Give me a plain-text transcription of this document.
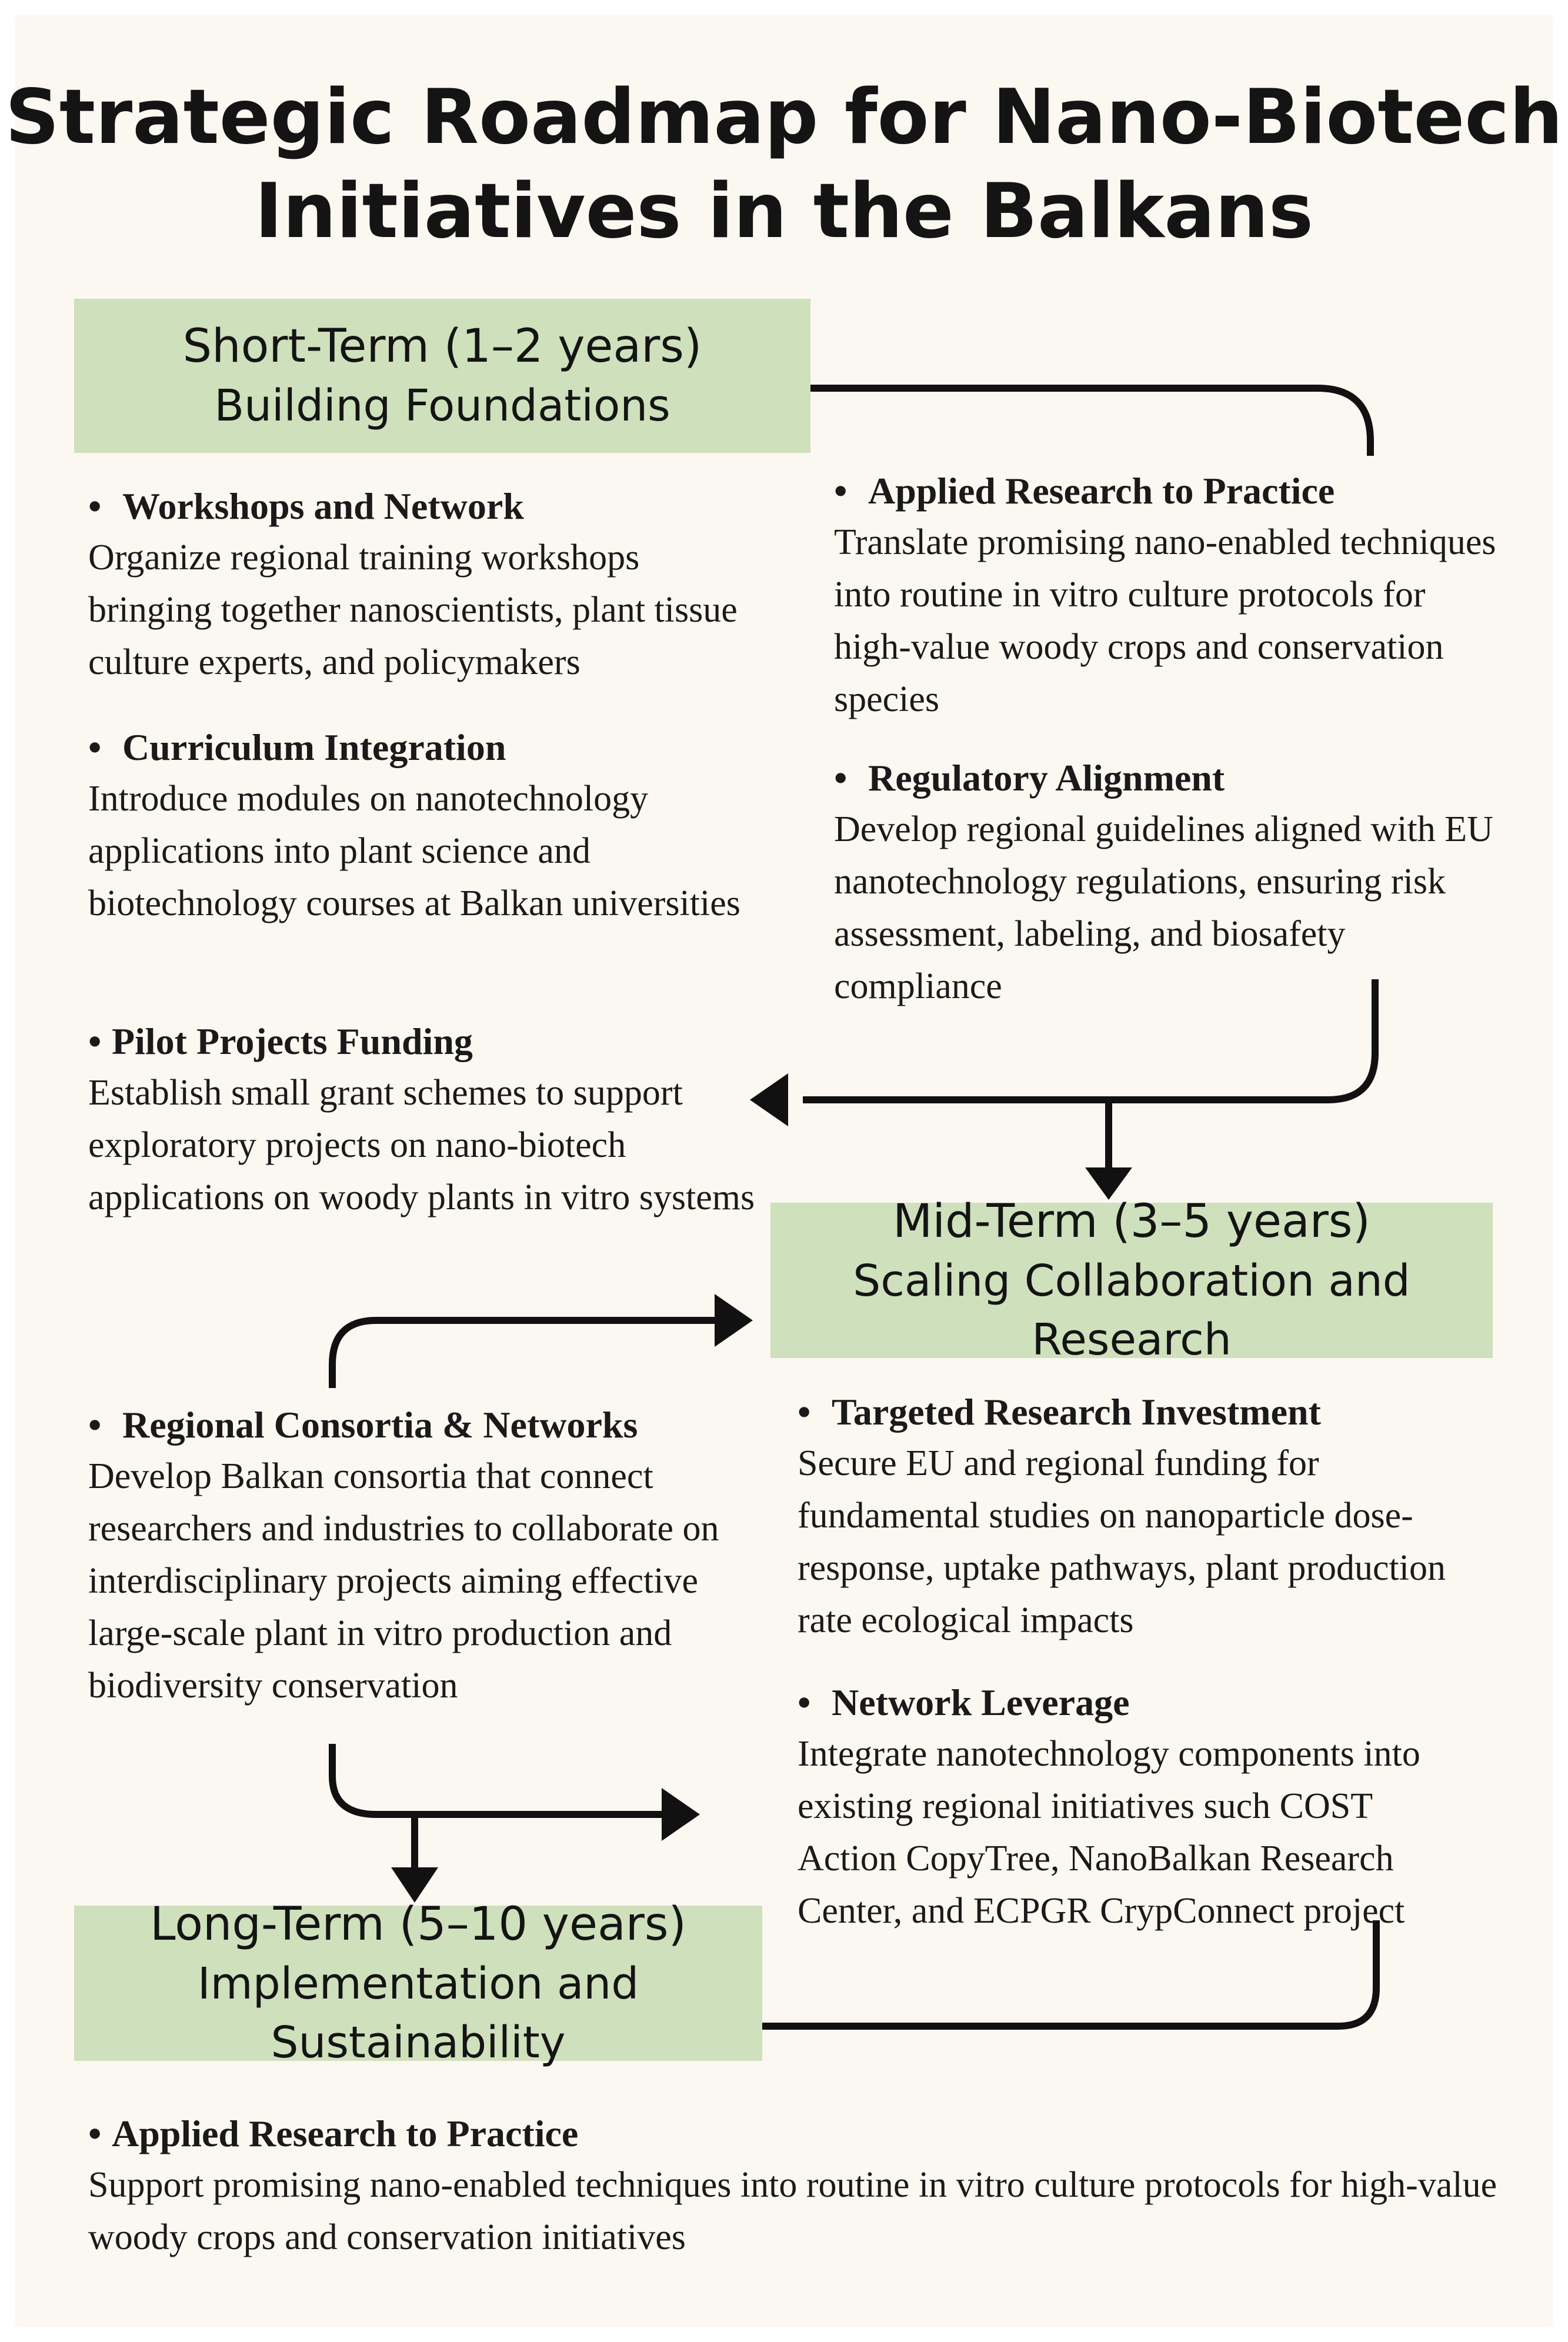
Strategic Roadmap for Nano-Biotech Initiatives in the Balkans
Short-Term (1–2 years)
Building Foundations
Mid-Term (3–5 years)
Scaling Collaboration and Research
Long-Term (5–10 years)
Implementation and Sustainability
• Workshops and Network
Organize regional training workshops bringing together nanoscientists, plant tissue culture experts, and policymakers
• Curriculum Integration
Introduce modules on nanotechnology applications into plant science and biotechnology courses at Balkan universities
• Pilot Projects Funding
Establish small grant schemes to support exploratory projects on nano-biotech applications on woody plants in vitro systems
• Applied Research to Practice
Translate promising nano-enabled techniques into routine in vitro culture protocols for high-value woody crops and conservation species
• Regulatory Alignment
Develop regional guidelines aligned with EU nanotechnology regulations, ensuring risk assessment, labeling, and biosafety compliance
• Regional Consortia & Networks
Develop Balkan consortia that connect researchers and industries to collaborate on interdisciplinary projects aiming effective large-scale plant in vitro production and biodiversity conservation
• Targeted Research Investment
Secure EU and regional funding for fundamental studies on nanoparticle dose-response, uptake pathways, plant production rate ecological impacts
• Network Leverage
Integrate nanotechnology components into existing regional initiatives such COST Action CopyTree, NanoBalkan Research Center, and ECPGR CrypConnect project
• Applied Research to Practice
Support promising nano-enabled techniques into routine in vitro culture protocols for high-value woody crops and conservation initiatives
